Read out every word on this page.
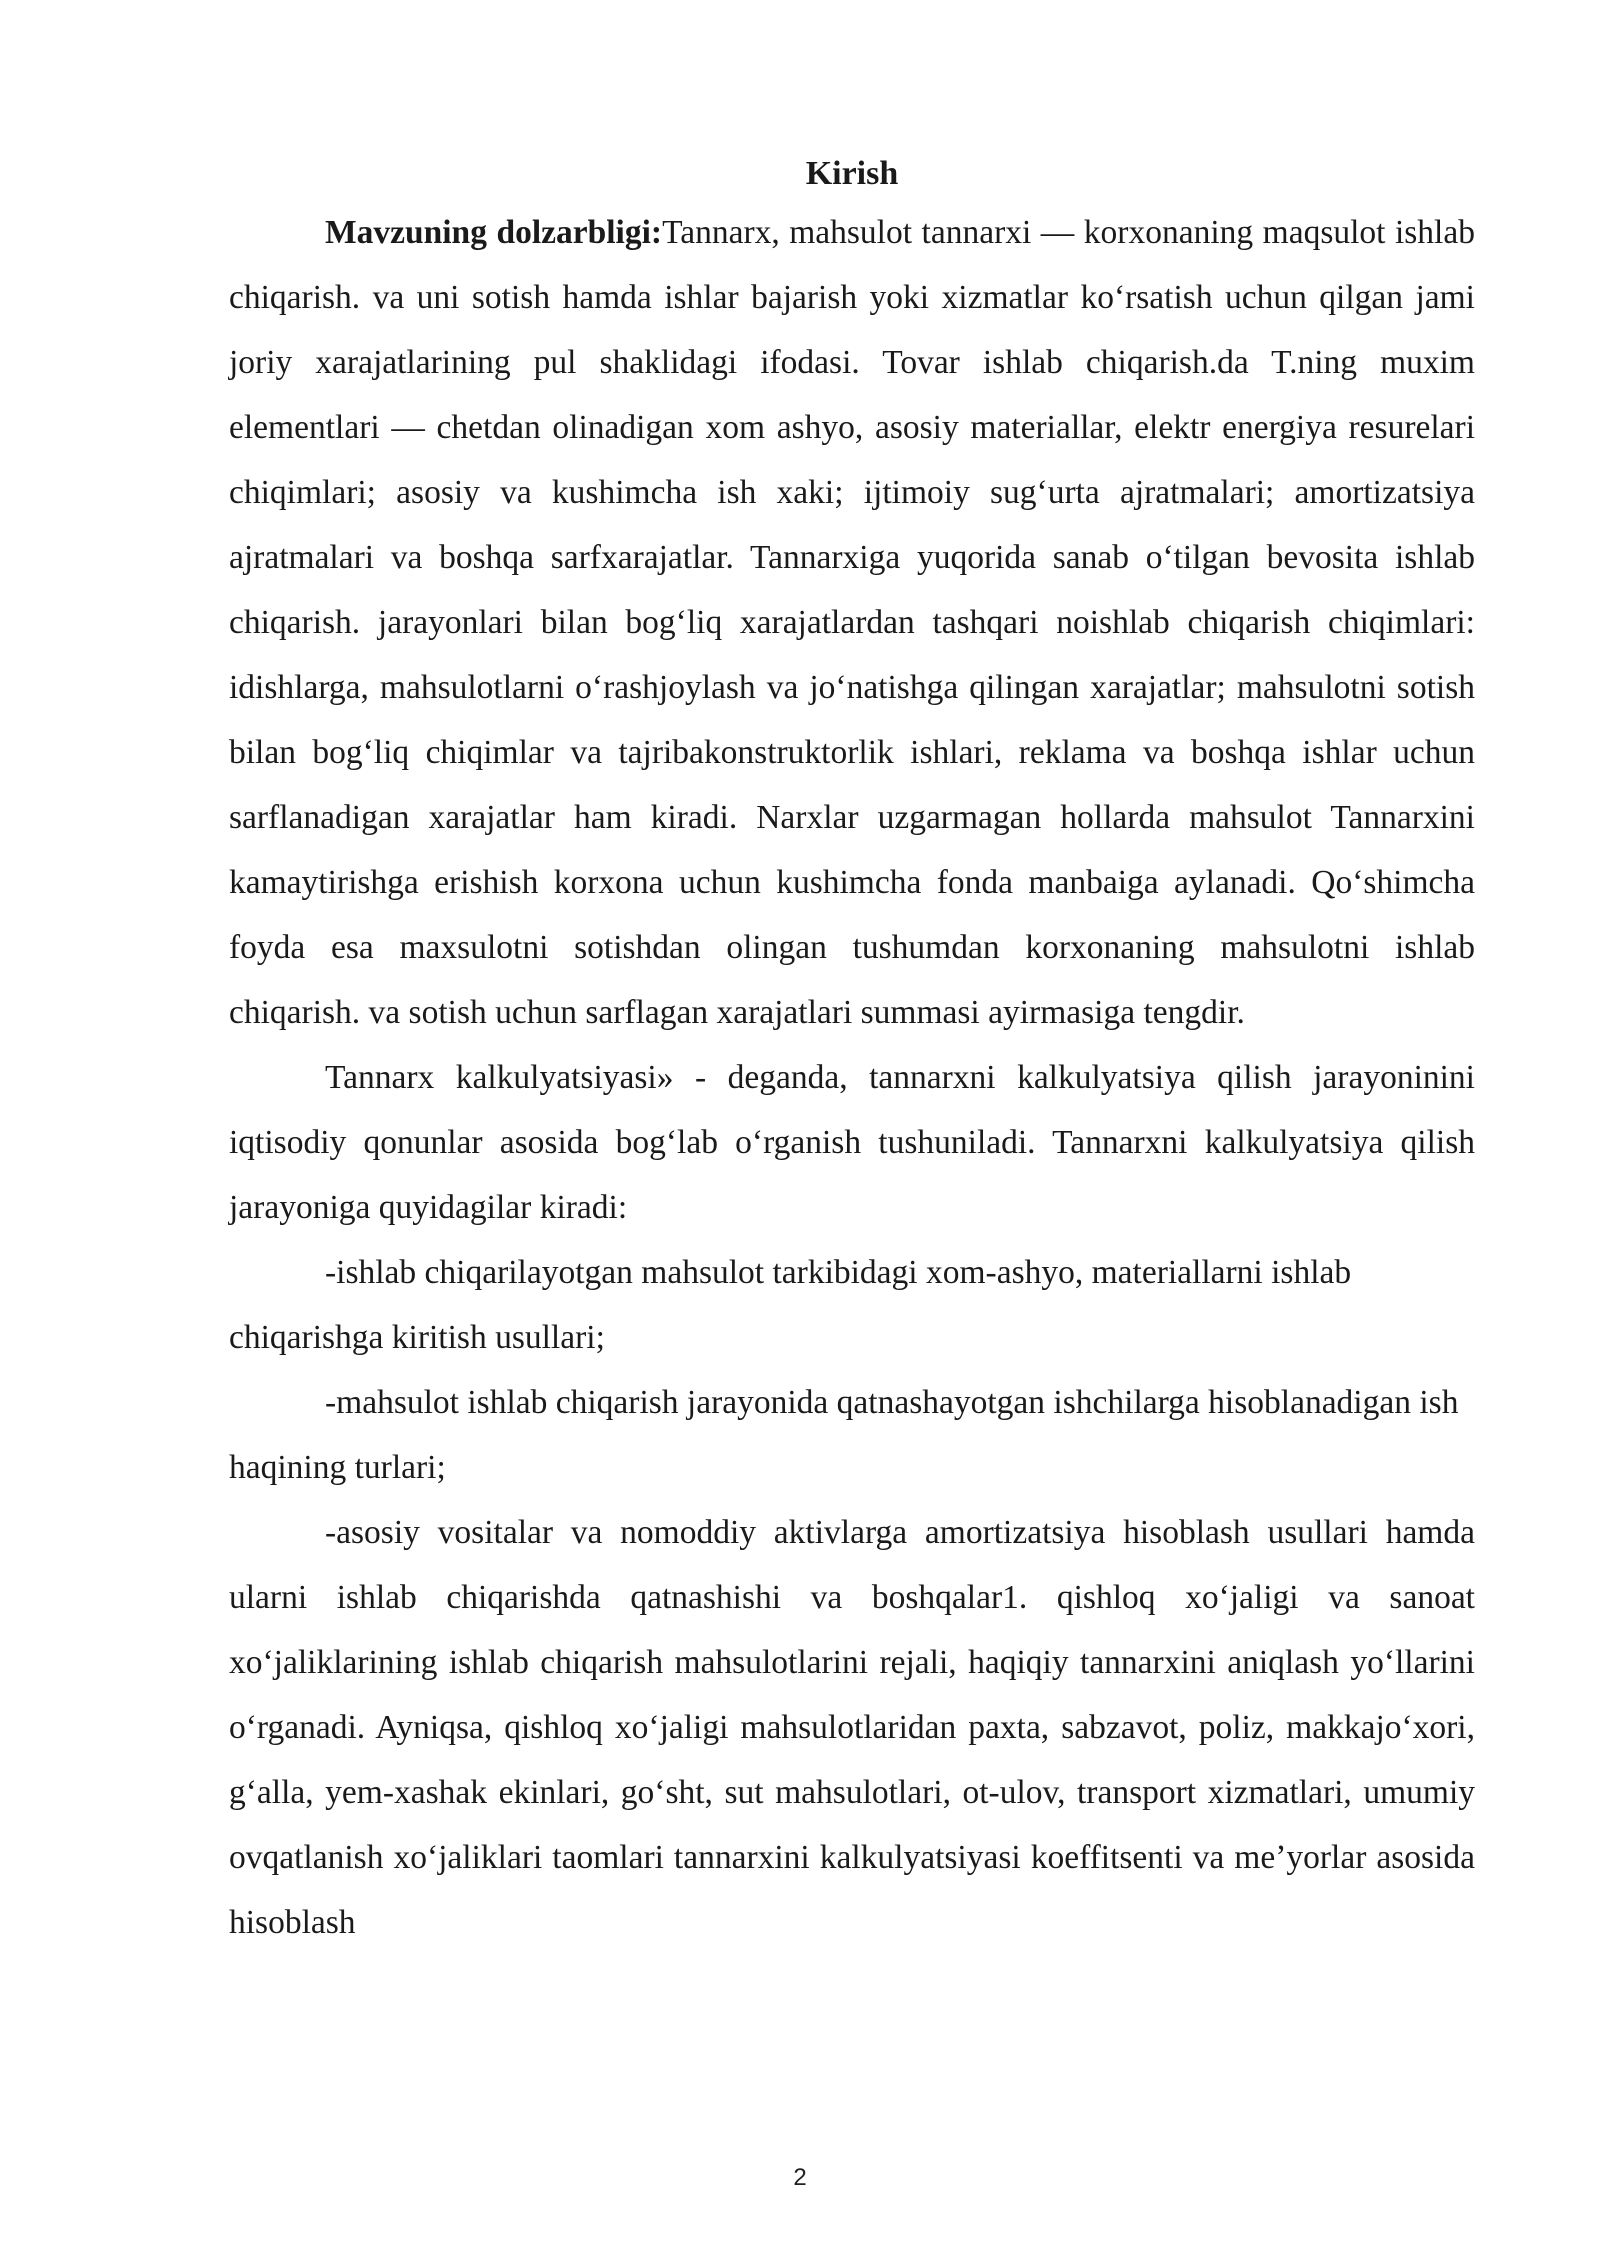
Kirish

Mavzuning dolzarbligi:Tannarx, mahsulot tannarxi — korxonaning maqsulot ishlab chiqarish. va uni sotish hamda ishlar bajarish yoki xizmatlar koʻrsatish uchun qilgan jami joriy xarajatlarining pul shaklidagi ifodasi. Tovar ishlab chiqarish.da T.ning muxim elementlari — chetdan olinadigan xom ashyo, asosiy materiallar, elektr energiya resurelari chiqimlari; asosiy va kushimcha ish xaki; ijtimoiy sugʻurta ajratmalari; amortizatsiya ajratmalari va boshqa sarfxarajatlar. Tannarxiga yuqorida sanab oʻtilgan bevosita ishlab chiqarish. jarayonlari bilan bogʻliq xarajatlardan tashqari noishlab chiqarish chiqimlari: idishlarga, mahsulotlarni oʻrashjoylash va joʻnatishga qilingan xarajatlar; mahsulotni sotish bilan bogʻliq chiqimlar va tajribakonstruktorlik ishlari, reklama va boshqa ishlar uchun sarflanadigan xarajatlar ham kiradi. Narxlar uzgarmagan hollarda mahsulot Tannarxini kamaytirishga erishish korxona uchun kushimcha fonda manbaiga aylanadi. Qoʻshimcha foyda esa maxsulotni sotishdan olingan tushumdan korxonaning mahsulotni ishlab chiqarish. va sotish uchun sarflagan xarajatlari summasi ayirmasiga tengdir.

Tannarx kalkulyatsiyasi» - deganda, tannarxni kalkulyatsiya qilish jarayoninini iqtisodiy qonunlar asosida bogʻlab oʻrganish tushuniladi. Tannarxni kalkulyatsiya qilish jarayoniga quyidagilar kiradi:

-ishlab chiqarilayotgan mahsulot tarkibidagi xom-ashyo, materiallarni ishlab chiqarishga kiritish usullari;

-mahsulot ishlab chiqarish jarayonida qatnashayotgan ishchilarga hisoblanadigan ish haqining turlari;

-asosiy vositalar va nomoddiy aktivlarga amortizatsiya hisoblash usullari hamda ularni ishlab chiqarishda qatnashishi va boshqalar1. qishloq xoʻjaligi va sanoat xoʻjaliklarining ishlab chiqarish mahsulotlarini rejali, haqiqiy tannarxini aniqlash yoʻllarini oʻrganadi. Ayniqsa, qishloq xoʻjaligi mahsulotlaridan paxta, sabzavot, poliz, makkajoʻxori, gʻalla, yem-xashak ekinlari, goʻsht, sut mahsulotlari, ot-ulov, transport xizmatlari, umumiy ovqatlanish xoʻjaliklari taomlari tannarxini kalkulyatsiyasi koeffitsenti va meʼyorlar asosida hisoblash

2
